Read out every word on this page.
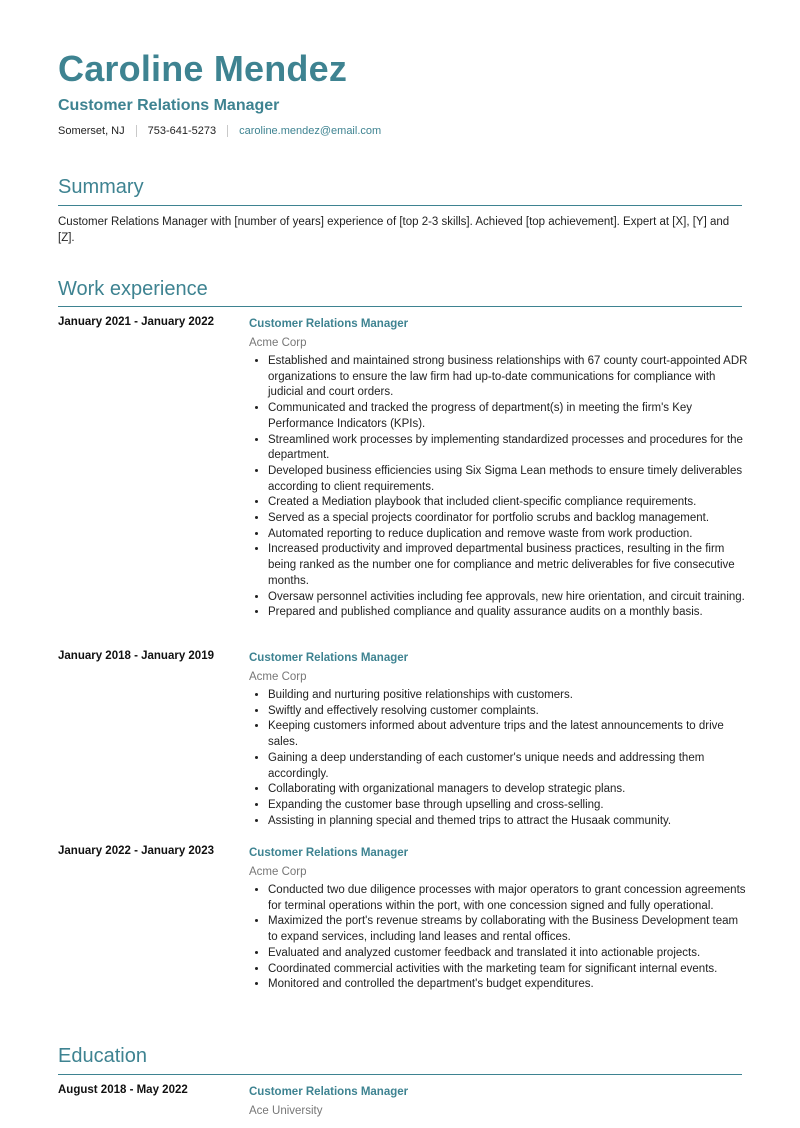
Caroline Mendez
Customer Relations Manager
Somerset, NJ 753-641-5273 caroline.mendez@email.com
Summary
Customer Relations Manager with [number of years] experience of [top 2-3 skills]. Achieved [top achievement]. Expert at [X], [Y] and [Z].
Work experience
January 2021 - January 2022	Customer Relations Manager
Acme Corp
• Established and maintained strong business relationships with 67 county court-appointed ADR organizations to ensure the law firm had up-to-date communications for compliance with judicial and court orders.
• Communicated and tracked the progress of department(s) in meeting the firm's Key Performance Indicators (KPIs).
• Streamlined work processes by implementing standardized processes and procedures for the department.
• Developed business efficiencies using Six Sigma Lean methods to ensure timely deliverables according to client requirements.
• Created a Mediation playbook that included client-specific compliance requirements.
• Served as a special projects coordinator for portfolio scrubs and backlog management.
• Automated reporting to reduce duplication and remove waste from work production.
• Increased productivity and improved departmental business practices, resulting in the firm being ranked as the number one for compliance and metric deliverables for five consecutive months.
• Oversaw personnel activities including fee approvals, new hire orientation, and circuit training.
• Prepared and published compliance and quality assurance audits on a monthly basis.
January 2018 - January 2019	Customer Relations Manager
Acme Corp
• Building and nurturing positive relationships with customers.
• Swiftly and effectively resolving customer complaints.
• Keeping customers informed about adventure trips and the latest announcements to drive sales.
• Gaining a deep understanding of each customer's unique needs and addressing them accordingly.
• Collaborating with organizational managers to develop strategic plans.
• Expanding the customer base through upselling and cross-selling.
• Assisting in planning special and themed trips to attract the Husaak community.
January 2022 - January 2023	Customer Relations Manager
Acme Corp
• Conducted two due diligence processes with major operators to grant concession agreements for terminal operations within the port, with one concession signed and fully operational.
• Maximized the port's revenue streams by collaborating with the Business Development team to expand services, including land leases and rental offices.
• Evaluated and analyzed customer feedback and translated it into actionable projects.
• Coordinated commercial activities with the marketing team for significant internal events.
• Monitored and controlled the department's budget expenditures.
Education
August 2018 - May 2022	Customer Relations Manager
Ace University
